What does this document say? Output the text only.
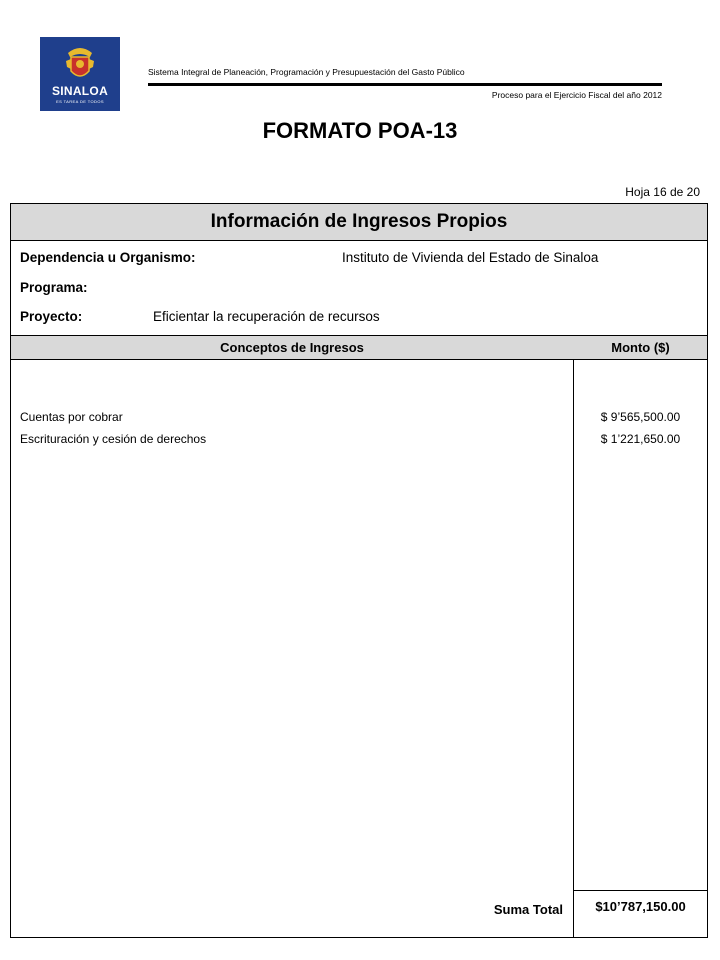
SINALOA
ES TAREA DE TODOS
Sistema Integral de Planeación, Programación y Presupuestación del Gasto Público
Proceso para el Ejercicio Fiscal del año 2012
FORMATO POA-13
Hoja 16 de 20
Información de Ingresos Propios
Dependencia u Organismo:	Instituto de Vivienda del Estado de Sinaloa
Programa:
Proyecto:	Eficientar la recuperación de recursos
Conceptos de Ingresos	Monto ($)
Cuentas por cobrar	$ 9’565,500.00
Escrituración y cesión de derechos	$ 1’221,650.00
Suma Total	$10’787,150.00
